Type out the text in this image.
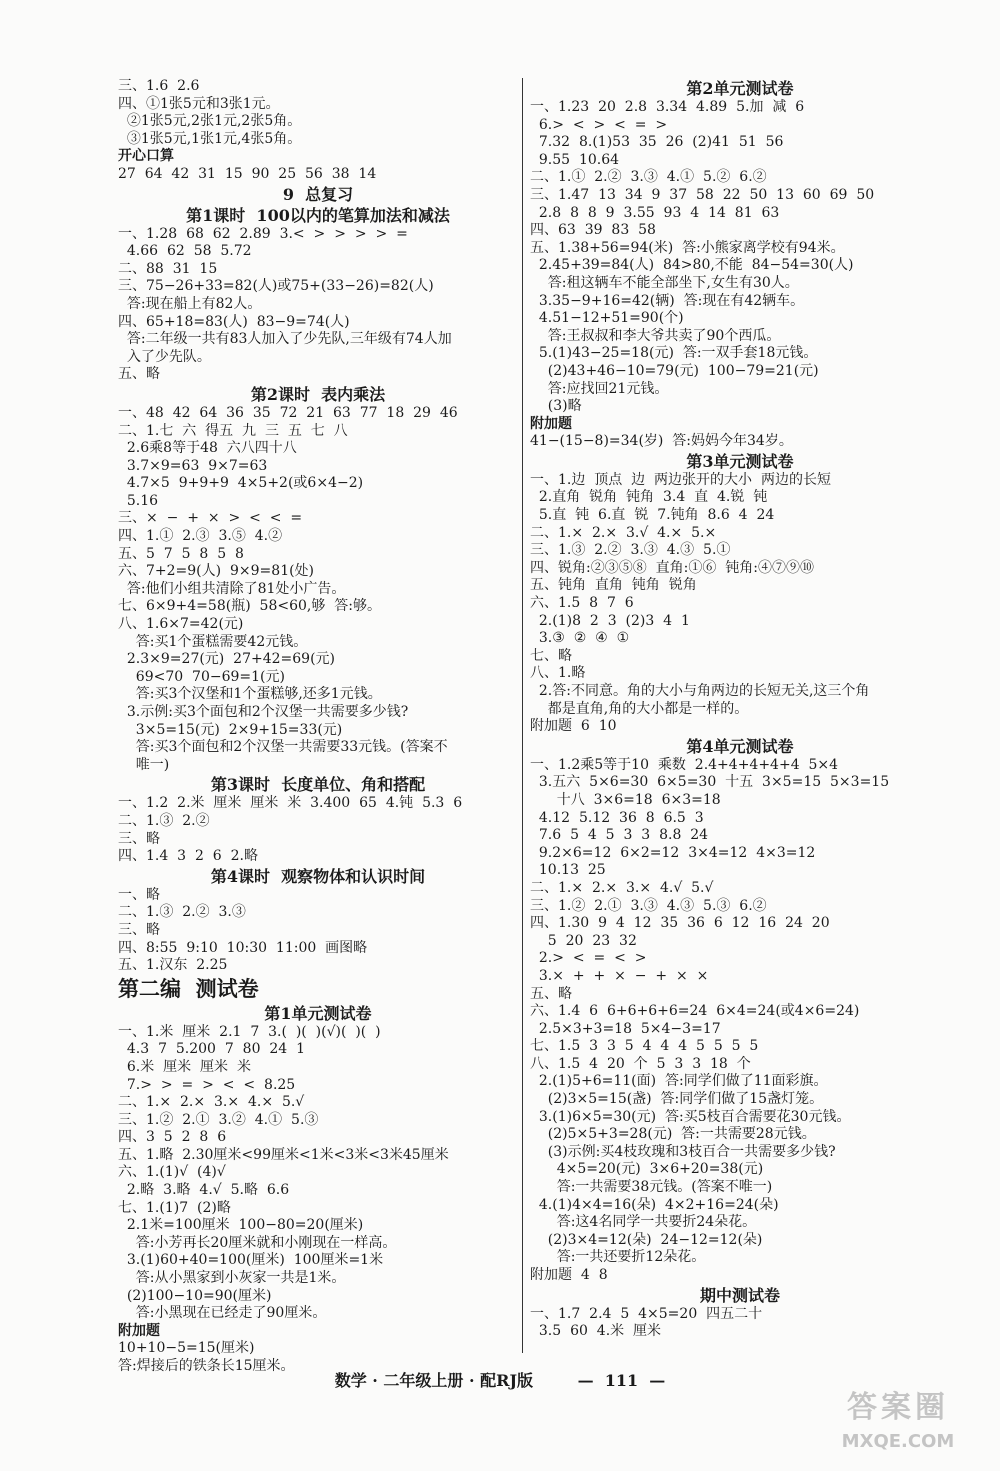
三、1.6  2.6
四、①1张5元和3张1元。
②1张5元,2张1元,2张5角。
③1张5元,1张1元,4张5角。
开心口算
27  64  42  31  15  90  25  56  38  14
9  总复习
第1课时  100以内的笔算加法和减法
一、1.28  68  62  2.89  3.<  >  >  >  >  =
4.66  62  58  5.72
二、88  31  15
三、75−26+33=82(人)或75+(33−26)=82(人)
答:现在船上有82人。
四、65+18=83(人)  83−9=74(人)
答:二年级一共有83人加入了少先队,三年级有74人加
入了少先队。
五、略
第2课时  表内乘法
一、48  42  64  36  35  72  21  63  77  18  29  46
二、1.七  六  得五  九  三  五  七  八
2.6乘8等于48  六八四十八
3.7×9=63  9×7=63
4.7×5  9+9+9  4×5+2(或6×4−2)
5.16
三、×  −  +  ×  >  <  <  =
四、1.①  2.③  3.⑤  4.②
五、5  7  5  8  5  8
六、7+2=9(人)  9×9=81(处)
答:他们小组共清除了81处小广告。
七、6×9+4=58(瓶)  58<60,够  答:够。
八、1.6×7=42(元)
答:买1个蛋糕需要42元钱。
2.3×9=27(元)  27+42=69(元)
69<70  70−69=1(元)
答:买3个汉堡和1个蛋糕够,还多1元钱。
3.示例:买3个面包和2个汉堡一共需要多少钱?
3×5=15(元)  2×9+15=33(元)
答:买3个面包和2个汉堡一共需要33元钱。(答案不
唯一)
第3课时  长度单位、角和搭配
一、1.2  2.米  厘米  厘米  米  3.400  65  4.钝  5.3  6
二、1.③  2.②
三、略
四、1.4  3  2  6  2.略
第4课时  观察物体和认识时间
一、略
二、1.③  2.②  3.③
三、略
四、8:55  9:10  10:30  11:00  画图略
五、1.汉东  2.25
第二编  测试卷
第1单元测试卷
一、1.米  厘米  2.1  7  3.(  )(  )(√)(  )(  )
4.3  7  5.200  7  80  24  1
6.米  厘米  厘米  米
7.>  >  =  >  <  <  8.25
二、1.×  2.×  3.×  4.×  5.√
三、1.②  2.①  3.②  4.①  5.③
四、3  5  2  8  6
五、1.略  2.30厘米<99厘米<1米<3米<3米45厘米
六、1.(1)√  (4)√
2.略  3.略  4.√  5.略  6.6
七、1.(1)7  (2)略
2.1米=100厘米  100−80=20(厘米)
答:小芳再长20厘米就和小刚现在一样高。
3.(1)60+40=100(厘米)  100厘米=1米
答:从小黑家到小灰家一共是1米。
(2)100−10=90(厘米)
答:小黑现在已经走了90厘米。
附加题
10+10−5=15(厘米)
答:焊接后的铁条长15厘米。
第2单元测试卷
一、1.23  20  2.8  3.34  4.89  5.加  减  6
6.>  <  >  <  =  >
7.32  8.(1)53  35  26  (2)41  51  56
9.55  10.64
二、1.①  2.②  3.③  4.①  5.②  6.②
三、1.47  13  34  9  37  58  22  50  13  60  69  50
2.8  8  8  9  3.55  93  4  14  81  63
四、63  39  83  58
五、1.38+56=94(米)  答:小熊家离学校有94米。
2.45+39=84(人)  84>80,不能  84−54=30(人)
答:租这辆车不能全部坐下,女生有30人。
3.35−9+16=42(辆)  答:现在有42辆车。
4.51−12+51=90(个)
答:王叔叔和李大爷共卖了90个西瓜。
5.(1)43−25=18(元)  答:一双手套18元钱。
(2)43+46−10=79(元)  100−79=21(元)
答:应找回21元钱。
(3)略
附加题
41−(15−8)=34(岁)  答:妈妈今年34岁。
第3单元测试卷
一、1.边  顶点  边  两边张开的大小  两边的长短
2.直角  锐角  钝角  3.4  直  4.锐  钝
5.直  钝  6.直  锐  7.钝角  8.6  4  24
二、1.×  2.×  3.√  4.×  5.×
三、1.③  2.②  3.③  4.③  5.①
四、锐角:②③⑤⑧  直角:①⑥  钝角:④⑦⑨⑩
五、钝角  直角  钝角  锐角
六、1.5  8  7  6
2.(1)8  2  3  (2)3  4  1
3.③  ②  ④  ①
七、略
八、1.略
2.答:不同意。角的大小与角两边的长短无关,这三个角
都是直角,角的大小都是一样的。
附加题  6  10
第4单元测试卷
一、1.2乘5等于10  乘数  2.4+4+4+4+4  5×4
3.五六  5×6=30  6×5=30  十五  3×5=15  5×3=15
十八  3×6=18  6×3=18
4.12  5.12  36  8  6.5  3
7.6  5  4  5  3  3  8.8  24
9.2×6=12  6×2=12  3×4=12  4×3=12
10.13  25
二、1.×  2.×  3.×  4.√  5.√
三、1.②  2.①  3.③  4.③  5.③  6.②
四、1.30  9  4  12  35  36  6  12  16  24  20
5  20  23  32
2.>  <  =  <  >
3.×  +  +  ×  −  +  ×  ×
五、略
六、1.4  6  6+6+6+6=24  6×4=24(或4×6=24)
2.5×3+3=18  5×4−3=17
七、1.5  3  3  5  4  4  4  5  5  5  5
八、1.5  4  20  个  5  3  3  18  个
2.(1)5+6=11(面)  答:同学们做了11面彩旗。
(2)3×5=15(盏)  答:同学们做了15盏灯笼。
3.(1)6×5=30(元)  答:买5枝百合需要花30元钱。
(2)5×5+3=28(元)  答:一共需要28元钱。
(3)示例:买4枝玫瑰和3枝百合一共需要多少钱?
4×5=20(元)  3×6+20=38(元)
答:一共需要38元钱。(答案不唯一)
4.(1)4×4=16(朵)  4×2+16=24(朵)
答:这4名同学一共要折24朵花。
(2)3×4=12(朵)  24−12=12(朵)
答:一共还要折12朵花。
附加题  4  8
期中测试卷
一、1.7  2.4  5  4×5=20  四五二十
3.5  60  4.米  厘米
数学 · 二年级上册 · 配RJ版        —  111  —
答案圈
MXQE.COM
